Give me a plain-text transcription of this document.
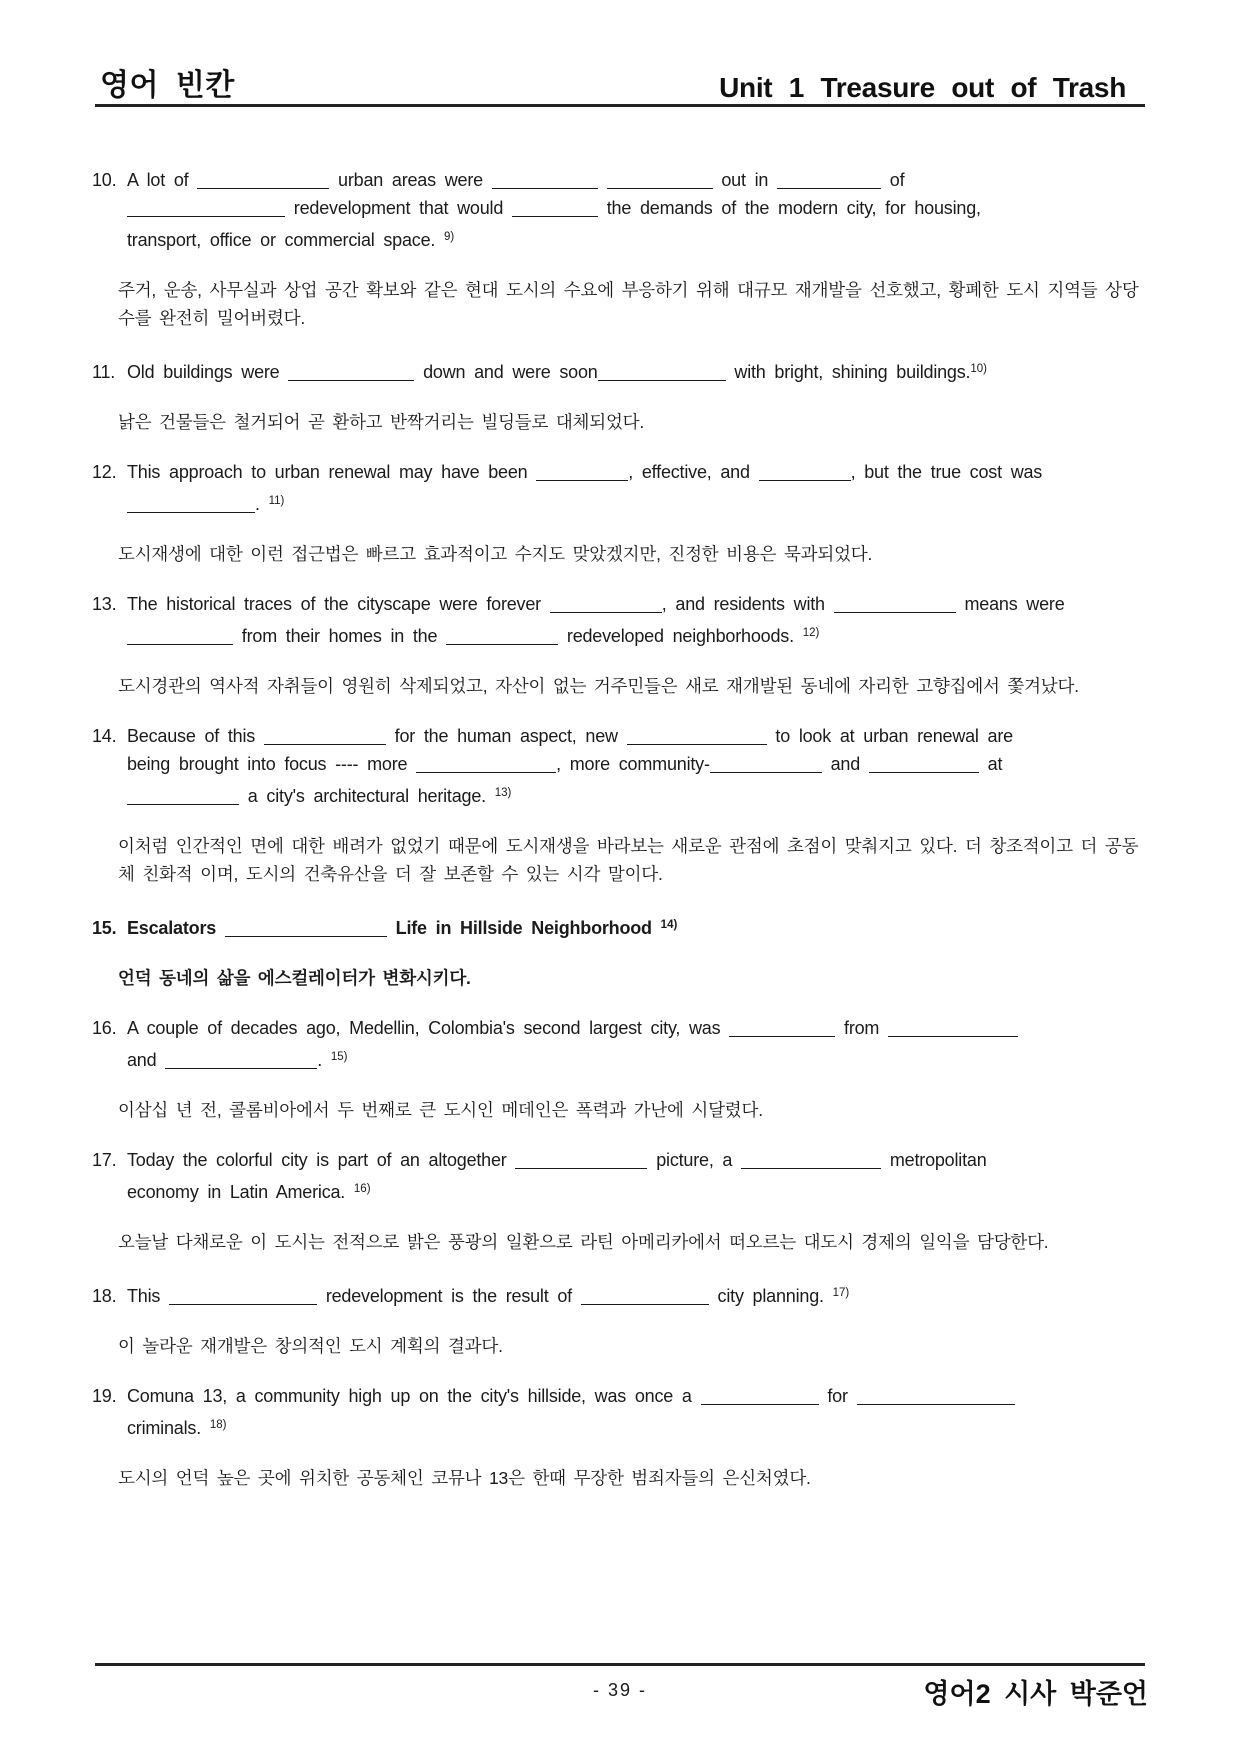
영어 빈칸	Unit 1 Treasure out of Trash
10. A lot of	urban areas were	out in	of
redevelopment that would	the demands of the modern city, for housing,
transport, office or commercial space. $^{9)}$
주거, 운송, 사무실과 상업 공간 확보와 같은 현대 도시의 수요에 부응하기 위해 대규모 재개발을 선호했고, 황폐한 도시 지역들 상당수를 완전히 밀어버렸다.
11. Old buildings were	down and were soon	with bright, shining buildings.$^{10)}$
낡은 건물들은 철거되어 곧 환하고 반짝거리는 빌딩들로 대체되었다.
12. This approach to urban renewal may have been	, effective, and	, but the true cost was
. $^{11)}$
도시재생에 대한 이런 접근법은 빠르고 효과적이고 수지도 맞았겠지만, 진정한 비용은 묵과되었다.
13. The historical traces of the cityscape were forever	, and residents with	means were
from their homes in the	redeveloped neighborhoods. $^{12)}$
도시경관의 역사적 자취들이 영원히 삭제되었고, 자산이 없는 거주민들은 새로 재개발된 동네에 자리한 고향집에서 쫓겨났다.
14. Because of this	for the human aspect, new	to look at urban renewal are
being brought into focus ---- more	, more community-	and	at
a city's architectural heritage. $^{13)}$
이처럼 인간적인 면에 대한 배려가 없었기 때문에 도시재생을 바라보는 새로운 관점에 초점이 맞춰지고 있다. 더 창조적이고 더 공동체 친화적 이며, 도시의 건축유산을 더 잘 보존할 수 있는 시각 말이다.
15. Escalators	Life in Hillside Neighborhood $^{14)}$
언덕 동네의 삶을 에스컬레이터가 변화시키다.
16. A couple of decades ago, Medellin, Colombia's second largest city, was	from
and	. $^{15)}$
이삼십 년 전, 콜롬비아에서 두 번째로 큰 도시인 메데인은 폭력과 가난에 시달렸다.
17. Today the colorful city is part of an altogether	picture, a	metropolitan
economy in Latin America. $^{16)}$
오늘날 다채로운 이 도시는 전적으로 밝은 풍광의 일환으로 라틴 아메리카에서 떠오르는 대도시 경제의 일익을 담당한다.
18. This	redevelopment is the result of	city planning. $^{17)}$
이 놀라운 재개발은 창의적인 도시 계획의 결과다.
19. Comuna 13, a community high up on the city's hillside, was once a	for
criminals. $^{18)}$
도시의 언덕 높은 곳에 위치한 공동체인 코뮤나 13은 한때 무장한 범죄자들의 은신처였다.
- 39 -	영어2 시사 박준언
